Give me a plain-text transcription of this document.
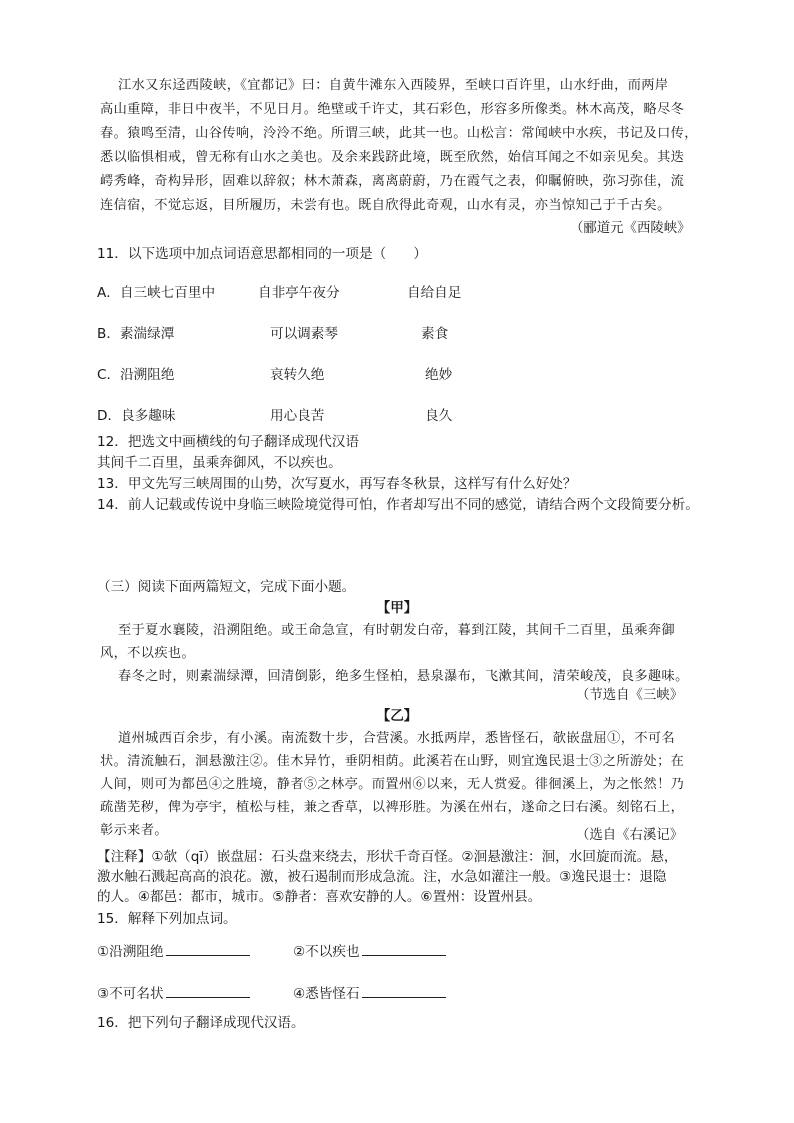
江水又东迳西陵峡，《宜都记》曰：自黄牛滩东入西陵界，至峡口百许里，山水纡曲，而两岸
高山重障，非日中夜半，不见日月。绝壁或千许丈，其石彩色，形容多所像类。林木高茂，略尽冬
春。猿鸣至清，山谷传响，泠泠不绝。所谓三峡，此其一也。山松言：常闻峡中水疾，书记及口传，
悉以临惧相戒，曾无称有山水之美也。及余来践跻此境，既至欣然，始信耳闻之不如亲见矣。其迭
崿秀峰，奇构异形，固难以辞叙；林木萧森，离离蔚蔚，乃在霞气之表，仰瞩俯映，弥习弥佳，流
连信宿，不觉忘返，目所履历，未尝有也。既自欣得此奇观，山水有灵，亦当惊知己于千古矣。
（郦道元《西陵峡》
11．以下选项中加点词语意思都相同的一项是（　　）
A．自三峡七百里中	自非亭午夜分	自给自足
B．素湍绿潭	可以调素琴	素食
C．沿溯阻绝	哀转久绝	绝妙
D．良多趣味	用心良苦	良久
12．把选文中画横线的句子翻译成现代汉语
其间千二百里，虽乘奔御风，不以疾也。
13．甲文先写三峡周围的山势，次写夏水，再写春冬秋景，这样写有什么好处？
14．前人记载或传说中身临三峡险境觉得可怕，作者却写出不同的感觉，请结合两个文段简要分析。
（三）阅读下面两篇短文，完成下面小题。
【甲】
至于夏水襄陵，沿溯阻绝。或王命急宣，有时朝发白帝，暮到江陵，其间千二百里，虽乘奔御
风，不以疾也。
春冬之时，则素湍绿潭，回清倒影，绝多生怪柏，悬泉瀑布，飞漱其间，清荣峻茂，良多趣味。
（节选自《三峡》
【乙】
道州城西百余步，有小溪。南流数十步，合营溪。水抵两岸，悉皆怪石，欹嵌盘屈①，不可名
状。清流触石，洄悬激注②。佳木异竹，垂阴相荫。此溪若在山野，则宜逸民退士③之所游处；在
人间，则可为都邑④之胜境，静者⑤之林亭。而置州⑥以来，无人赏爱。徘徊溪上，为之怅然！乃
疏凿芜秽，俾为亭宇，植松与桂，兼之香草，以裨形胜。为溪在州右，遂命之曰右溪。刻铭石上，
彰示来者。	（选自《右溪记》
【注释】①欹（qī）嵌盘屈：石头盘来绕去，形状千奇百怪。②洄悬激注：洄，水回旋而流。悬，
激水触石溅起高高的浪花。激，被石遏制而形成急流。注，水急如灌注一般。③逸民退士：退隐
的人。④都邑：都市，城市。⑤静者：喜欢安静的人。⑥置州：设置州县。
15．解释下列加点词。
①沿溯阻绝	②不以疾也
③不可名状	④悉皆怪石
16．把下列句子翻译成现代汉语。
